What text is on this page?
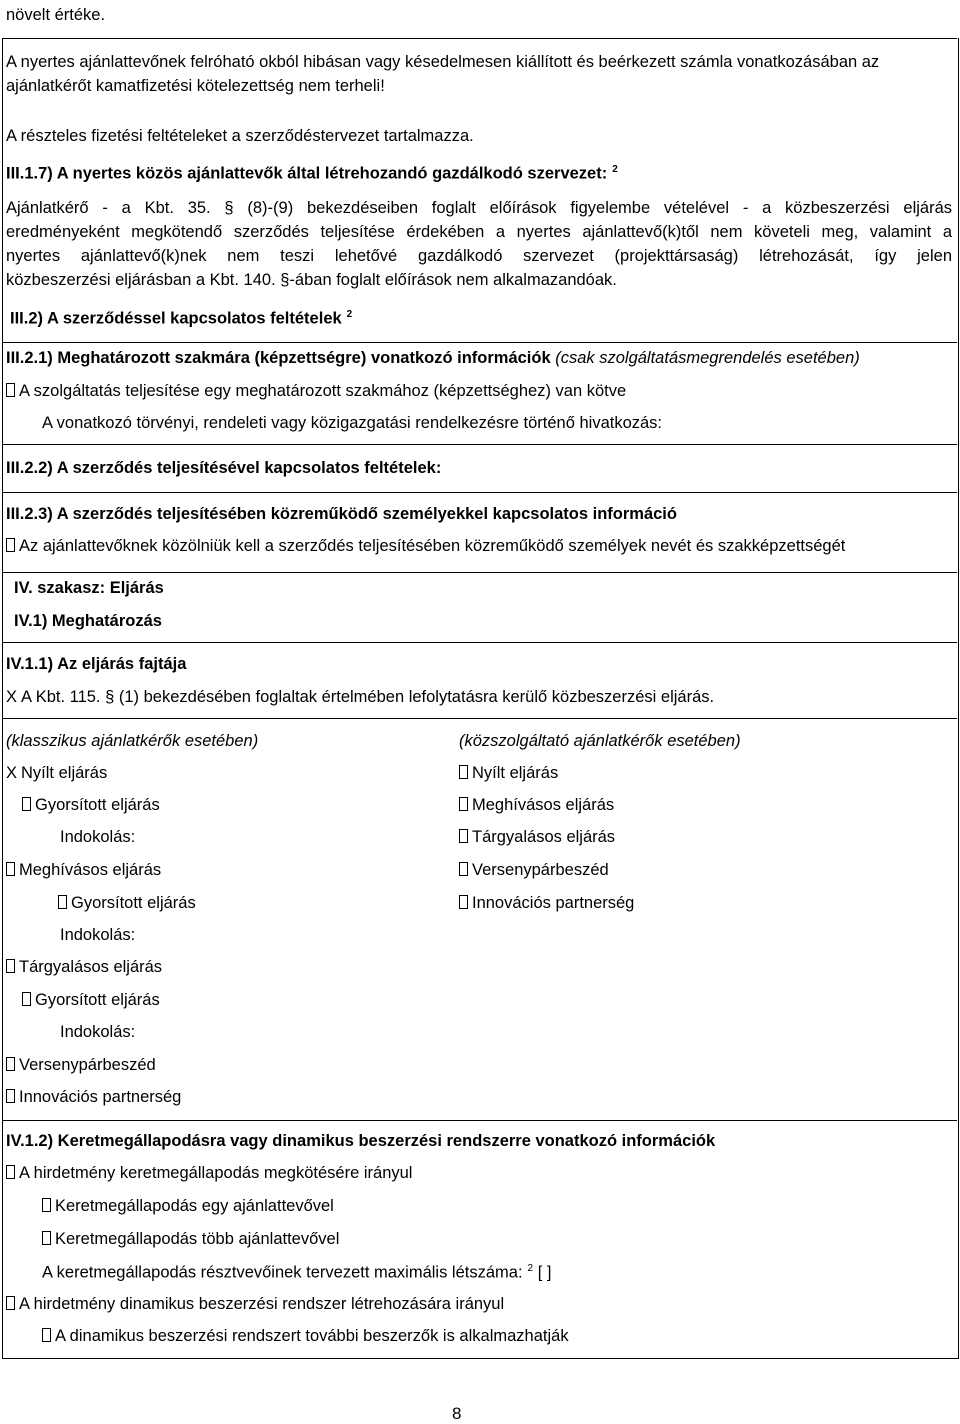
növelt értéke.
A nyertes ajánlattevőnek felróható okból hibásan vagy késedelmesen kiállított és beérkezett számla vonatkozásában az
ajánlatkérőt kamatfizetési kötelezettség nem terheli!
A részteles fizetési feltételeket a szerződéstervezet tartalmazza.
III.1.7) A nyertes közös ajánlattevők által létrehozandó gazdálkodó szervezet: $^2$
Ajánlatkérő - a Kbt. 35. § (8)-(9) bekezdéseiben foglalt előírások figyelembe vételével - a közbeszerzési eljárás
eredményeként megkötendő szerződés teljesítése érdekében a nyertes ajánlattevő(k)től nem követeli meg, valamint a
nyertes ajánlattevő(k)nek nem teszi lehetővé gazdálkodó szervezet (projekttársaság) létrehozását, így jelen
közbeszerzési eljárásban a Kbt. 140. §-ában foglalt előírások nem alkalmazandóak.
III.2) A szerződéssel kapcsolatos feltételek $^2$
III.2.1) Meghatározott szakmára (képzettségre) vonatkozó információk (csak szolgáltatásmegrendelés esetében)
A szolgáltatás teljesítése egy meghatározott szakmához (képzettséghez) van kötve
A vonatkozó törvényi, rendeleti vagy közigazgatási rendelkezésre történő hivatkozás:
III.2.2) A szerződés teljesítésével kapcsolatos feltételek:
III.2.3) A szerződés teljesítésében közreműködő személyekkel kapcsolatos információ
Az ajánlattevőknek közölniük kell a szerződés teljesítésében közreműködő személyek nevét és szakképzettségét
IV. szakasz: Eljárás
IV.1) Meghatározás
IV.1.1) Az eljárás fajtája
X A Kbt. 115. § (1) bekezdésében foglaltak értelmében lefolytatásra kerülő közbeszerzési eljárás.
(klasszikus ajánlatkérők esetében)	(közszolgáltató ajánlatkérők esetében)
X Nyílt eljárás
Gyorsított eljárás
Indokolás:
Meghívásos eljárás
Gyorsított eljárás
Indokolás:
Tárgyalásos eljárás
Gyorsított eljárás
Indokolás:
Versenypárbeszéd
Innovációs partnerség
Nyílt eljárás
Meghívásos eljárás
Tárgyalásos eljárás
Versenypárbeszéd
Innovációs partnerség
IV.1.2) Keretmegállapodásra vagy dinamikus beszerzési rendszerre vonatkozó információk
A hirdetmény keretmegállapodás megkötésére irányul
Keretmegállapodás egy ajánlattevővel
Keretmegállapodás több ajánlattevővel
A keretmegállapodás résztvevőinek tervezett maximális létszáma: $^2$ [ ]
A hirdetmény dinamikus beszerzési rendszer létrehozására irányul
A dinamikus beszerzési rendszert további beszerzők is alkalmazhatják
8
